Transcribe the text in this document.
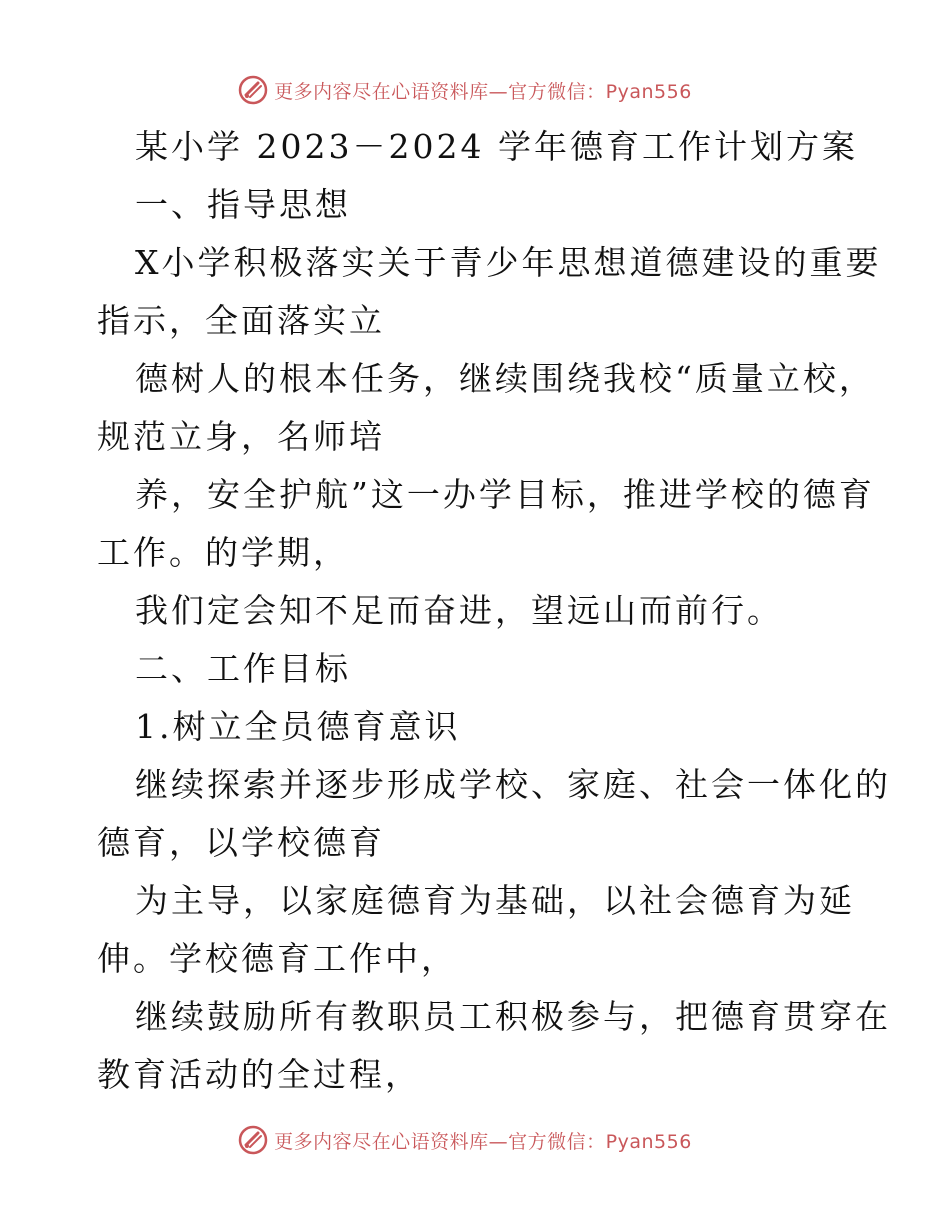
更多内容尽在心语资料库—官方微信：Pyan556
某小学 2023－2024 学年德育工作计划方案
一、指导思想
X小学积极落实关于青少年思想道德建设的重要
指示，全面落实立
德树人的根本任务，继续围绕我校“质量立校，
规范立身，名师培
养，安全护航”这一办学目标，推进学校的德育
工作。的学期，
我们定会知不足而奋进，望远山而前行。
二、工作目标
1.树立全员德育意识
继续探索并逐步形成学校、家庭、社会一体化的
德育，以学校德育
为主导，以家庭德育为基础，以社会德育为延
伸。学校德育工作中，
继续鼓励所有教职员工积极参与，把德育贯穿在
教育活动的全过程，
更多内容尽在心语资料库—官方微信：Pyan556
